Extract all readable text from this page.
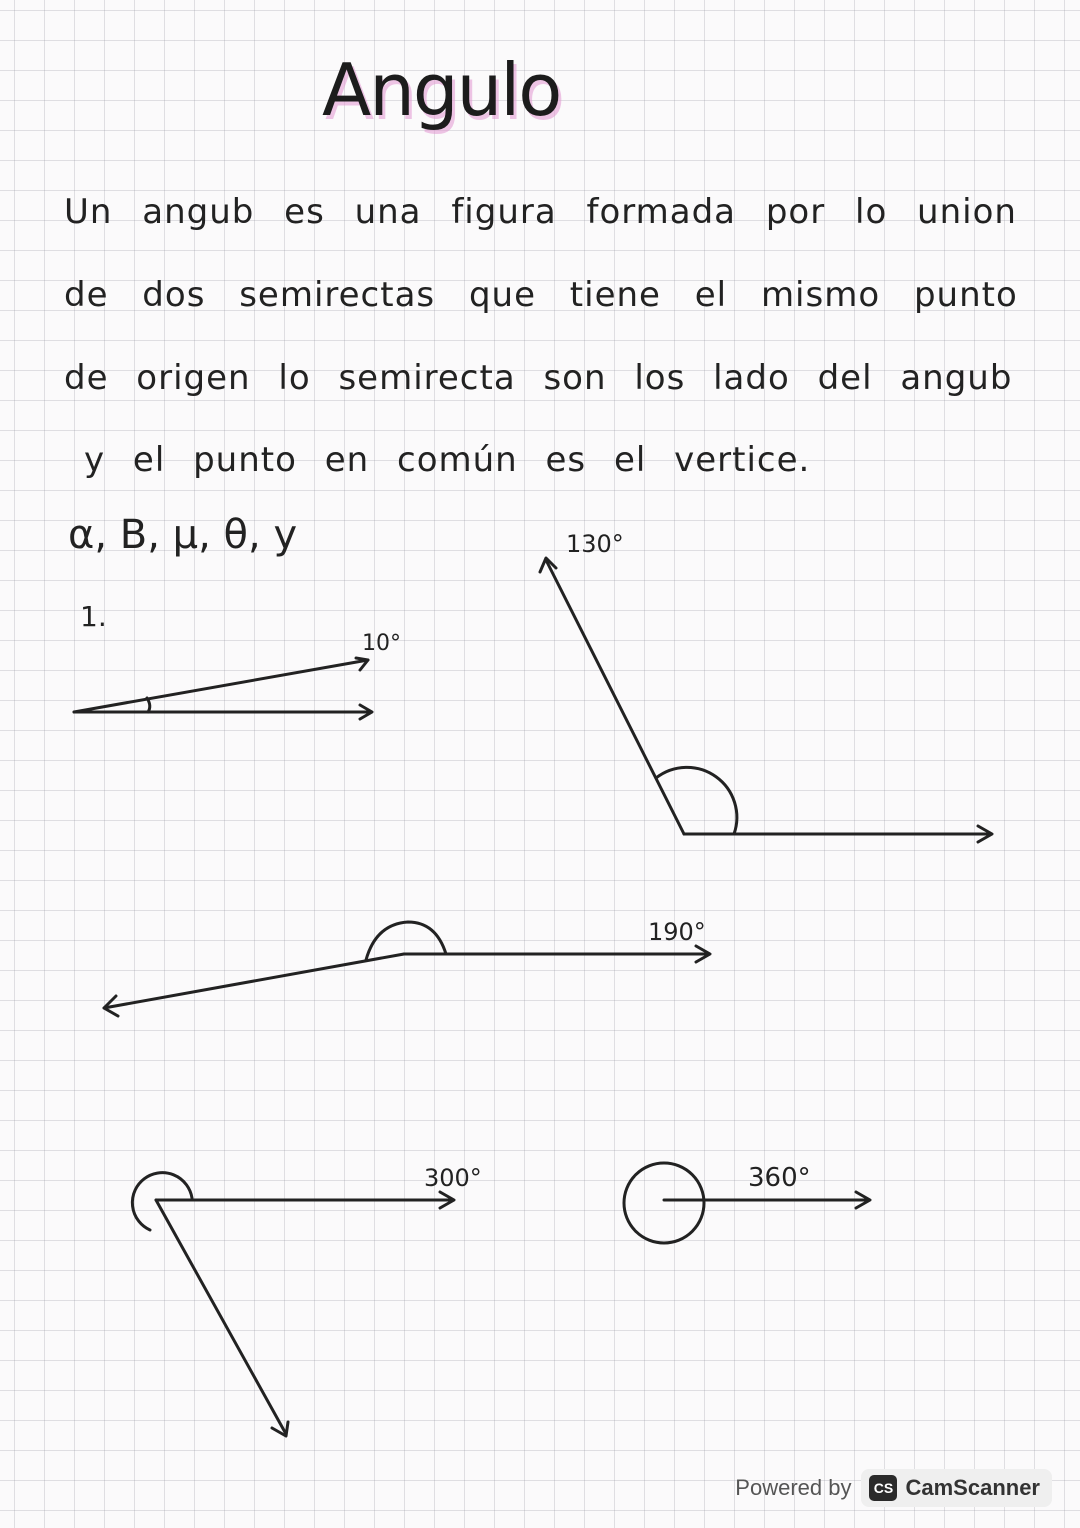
Angulo
Un angub es una figura formada por lo union
de dos semirectas que tiene el mismo punto
de origen lo semirecta son los lado del angub
y el punto en común es el vertice.
α, B, μ, θ, y
1.
10°
130°
190°
300°	360°
Powered by	CS CamScanner
